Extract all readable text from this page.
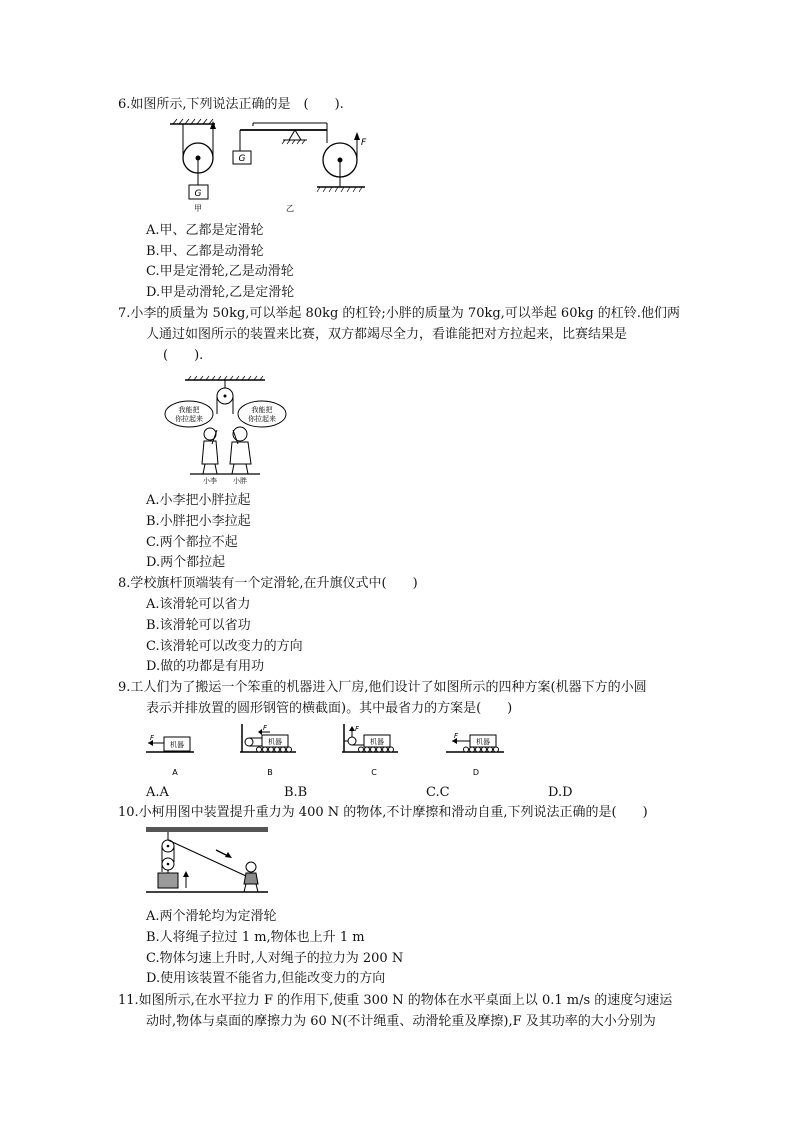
6.如图所示,下列说法正确的是　(　　).
G
甲
G
F
乙
A.甲、乙都是定滑轮
B.甲、乙都是动滑轮
C.甲是定滑轮,乙是动滑轮
D.甲是动滑轮,乙是定滑轮
7.小李的质量为 50kg,可以举起 80kg 的杠铃;小胖的质量为 70kg,可以举起 60kg 的杠铃.他们两
人通过如图所示的装置来比赛，双方都竭尽全力，看谁能把对方拉起来，比赛结果是
(　　).
我能把
你拉起来
我能把
你拉起来
小李 小胖
A.小李把小胖拉起
B.小胖把小李拉起
C.两个都拉不起
D.两个都拉起
8.学校旗杆顶端装有一个定滑轮,在升旗仪式中(　　)
A.该滑轮可以省力
B.该滑轮可以省功
C.该滑轮可以改变力的方向
D.做的功都是有用功
9.工人们为了搬运一个笨重的机器进入厂房,他们设计了如图所示的四种方案(机器下方的小圆
表示并排放置的圆形钢管的横截面)。其中最省力的方案是(　　)
F
机器
A
F
机器
B
F
机器
C
F
机器
D
A.A	B.B	C.C	D.D
10.小柯用图中装置提升重力为 400 N 的物体,不计摩擦和滑动自重,下列说法正确的是(　　)
A.两个滑轮均为定滑轮
B.人将绳子拉过 1 m,物体也上升 1 m
C.物体匀速上升时,人对绳子的拉力为 200 N
D.使用该装置不能省力,但能改变力的方向
11.如图所示,在水平拉力 F 的作用下,使重 300 N 的物体在水平桌面上以 0.1 m/s 的速度匀速运
动时,物体与桌面的摩擦力为 60 N(不计绳重、动滑轮重及摩擦),F 及其功率的大小分别为
